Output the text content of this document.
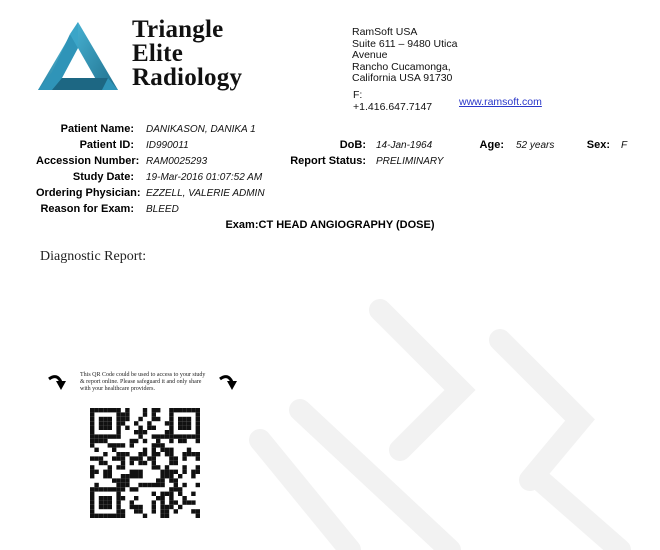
Triangle
Elite
Radiology
RamSoft USA
Suite 611 – 9480 Utica
Avenue
Rancho Cucamonga,
California USA 91730
F:
+1.416.647.7147	www.ramsoft.com
Patient Name: DANIKASON, DANIKA 1
Patient ID: ID990011
Accession Number: RAM0025293
Study Date: 19-Mar-2016 01:07:52 AM
Ordering Physician: EZZELL, VALERIE ADMIN
Reason for Exam: BLEED
DoB: 14-Jan-1964
Report Status: PRELIMINARY
Age: 52 years	Sex: F
Exam:CT HEAD ANGIOGRAPHY (DOSE)
Diagnostic Report:
This QR Code could be used to access to your study & report online. Please safeguard it and only share with your healthcare providers.
